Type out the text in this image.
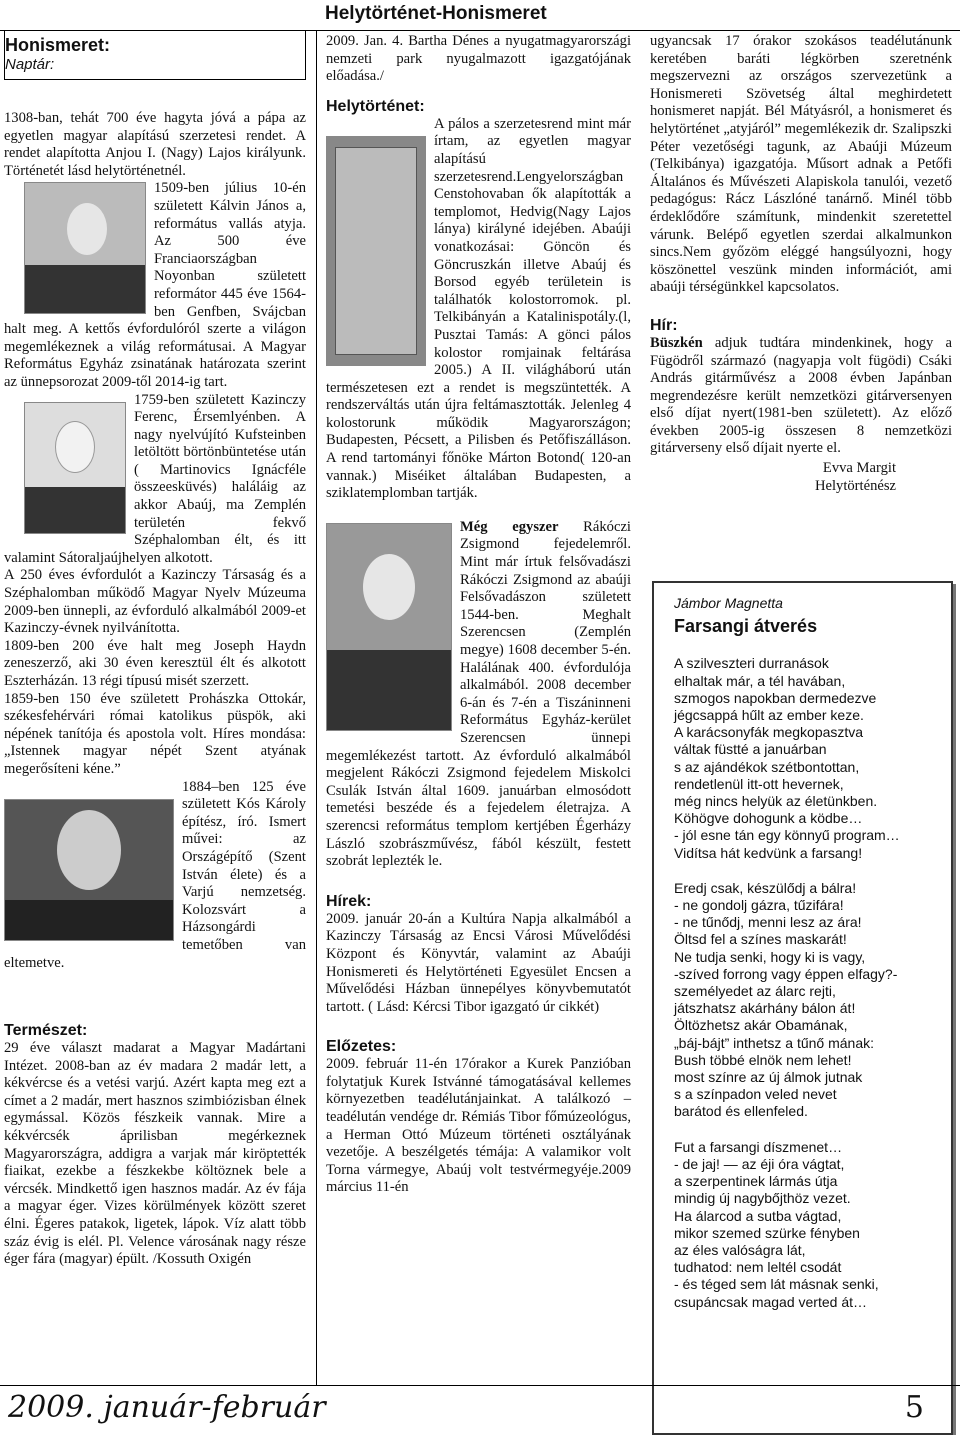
Helytörténet-Honismeret
Honismeret:
Naptár:

1308-ban, tehát 700 éve hagyta jóvá a pápa az egyetlen magyar alapítású szerzetesi rendet. A rendet alapította Anjou I. (Nagy) Lajos királyunk. Történetét lásd helytörténetnél.

1509-ben július 10-én született Kálvin János a, református vallás atyja. Az 500 éve Franciaországban Noyonban született reformátor 445 éve 1564-ben Genfben, Svájcban halt meg. A kettős évfordulóról szerte a világon megemlékeznek a világ reformátusai. A Magyar Református Egyház zsinatának határozata szerint az ünnepsorozat 2009-től 2014-ig tart.

1759-ben született Kazinczy Ferenc, Érsemlyénben. A nagy nyelvújító Kufsteinben letöltött börtönbüntetése után ( Martinovics Ignácféle összeesküvés) haláláig az akkor Abaúj, ma Zemplén területén fekvő Széphalomban élt, és itt valamint Sátoraljaújhelyen alkotott.

A 250 éves évfordulót a Kazinczy Társaság és a Széphalomban működő Magyar Nyelv Múzeuma 2009-ben ünnepli, az évforduló alkalmából 2009-et Kazinczy-évnek nyilvánította.

1809-ben 200 éve halt meg Joseph Haydn zeneszerző, aki 30 éven keresztül élt és alkotott Eszterházán. 13 régi típusú misét szerzett.

1859-ben 150 éve született Prohászka Ottokár, székesfehérvári római katolikus püspök, aki népének tanítója és apostola volt. Híres mondása: „Istennek magyar népét Szent atyának megerősíteni kéne.”

1884–ben 125 éve született Kós Károly építész, író. Ismert művei: az Országépítő (Szent István élete) és a Varjú nemzetség. Kolozsvárt a Házsongárdi temetőben van eltemetve.

Természet:

29 éve választ madarat a Magyar Madártani Intézet. 2008-ban az év madara 2 madár lett, a kékvércse és a vetési varjú. Azért kapta meg ezt a címet a 2 madár, mert hasznos szimbiózisban élnek egymással. Közös fészkeik vannak. Mire a kékvércsék áprilisban megérkeznek Magyarországra, addigra a varjak már kiröptették fiaikat, ezekbe a fészkekbe költöznek bele a vércsék. Mindkettő igen hasznos madár. Az év fája a magyar éger. Vizes körülmények között szeret élni. Égeres patakok, ligetek, lápok. Víz alatt több száz évig is elél. Pl. Velence városának nagy része éger fára (magyar) épült. /Kossuth Oxigén

2009. Jan. 4. Bartha Dénes a nyugatmagyarországi nemzeti park nyugalmazott igazgatójának előadása./

Helytörténet:

A pálos a szerzetesrend mint már írtam, az egyetlen magyar alapítású szerzetesrend.Lengyelországban Censtohovaban ők alapították a templomot, Hedvig(Nagy Lajos lánya) királyné idejében. Abaúji vonatkozásai: Göncön és Göncruszkán illetve Abaúj és Borsod egyéb területein is találhatók kolostorromok. pl. Telkibányán a Katalinispotály.(l, Pusztai Tamás: A gönci pálos kolostor romjainak feltárása 2005.) A II. világháború után természetesen ezt a rendet is megszüntették. A rendszerváltás után újra feltámasztották. Jelenleg 4 kolostorunk működik Magyarországon; Budapesten, Pécsett, a Pilisben és Petőfiszálláson. A rend tartományi főnöke Márton Botond( 120-an vannak.) Miséiket általában Budapesten, a sziklatemplomban tartják.

Még egyszer
Rákóczi Zsigmond fejedelemről. Mint már írtuk felsővadászi Rákóczi Zsigmond az abaúji Felsővadászon született 1544-ben. Meghalt Szerencsen (Zemplén megye) 1608 december 5-én. Halálának 400. évfordulója alkalmából. 2008 december 6-án és 7-én a Tiszáninneni Református Egyház-kerület Szerencsen ünnepi megemlékezést tartott. Az évforduló alkalmából megjelent Rákóczi Zsigmond fejedelem Miskolci Csulák István által 1609. januárban elmosódott temetési beszéde és a fejedelem életrajza. A szerencsi református templom kertjében Égerházy László szobrászművész, fából készült, festett szobrát leplezték le.

Hírek:

2009. január 20-án a Kultúra Napja alkalmából a Kazinczy Társaság az Encsi Városi Művelődési Központ és Könyvtár, valamint az Abaúji Honismereti és Helytörténeti Egyesület Encsen a Művelődési Házban ünnepélyes könyvbemutatót tartott. ( Lásd: Kércsi Tibor igazgató úr cikkét)

Előzetes:

2009. február 11-én 17órakor a Kurek Panzióban folytatjuk Kurek Istvánné támogatásával kellemes környezetben teadélutánjainkat. A találkozó – teadélután vendége dr. Rémiás Tibor főmúzeológus, a Herman Ottó Múzeum történeti osztályának vezetője. A beszélgetés témája: A valamikor volt Torna vármegye, Abaúj volt testvérmegyéje.2009 március 11-én

ugyancsak 17 órakor szokásos teadélutánunk keretében baráti légkörben szeretnénk megszervezni az országos szervezetünk a Honismereti Szövetség által meghirdetett honismeret napját. Bél Mátyásról, a honismeret és helytörténet „atyjáról” megemlékezik dr. Szalipszki Péter vezetőségi tagunk, az Abaúji Múzeum (Telkibánya) igazgatója. Műsort adnak a Petőfi Általános és Művészeti Alapiskola tanulói, vezető pedagógus: Rácz Lászlóné tanárnő. Minél több érdeklődőre számítunk, mindenkit szeretettel várunk. Belépő egyetlen szerdai alkalmunkon sincs.Nem győzöm eléggé hangsúlyozni, hogy köszönettel veszünk minden információt, ami abaúji térségünkkel kapcsolatos.

Hír:

Büszkén adjuk tudtára mindenkinek, hogy a Fügödről származó (nagyapja volt fügödi) Csáki András gitárművész a 2008 évben Japánban megrendezésre került nemzetközi gitárversenyen első díjat nyert(1981-ben született). Az előző években 2005-ig összesen 8 nemzetközi gitárverseny első díjait nyerte el.

Evva Margit
Helytörténész
Jámbor Magnetta
Farsangi átverés
A szilveszteri durranások
elhaltak már, a tél havában,
szmogos napokban dermedezve
jégcsappá hűlt az ember keze.
A karácsonyfák megkopasztva
váltak füstté a januárban
s az ajándékok szétbontottan,
rendetlenül itt-ott hevernek,
még nincs helyük az életünkben.
Köhögve dohogunk a ködbe…
- jól esne tán egy könnyű program…
Vidítsa hát kedvünk a farsang!
Eredj csak, készülődj a bálra!
- ne gondolj gázra, tűzifára!
- ne tűnődj, menni lesz az ára!
Öltsd fel a színes maskarát!
Ne tudja senki, hogy ki is vagy,
-szíved forrong vagy éppen elfagy?-
személyedet az álarc rejti,
játszhatsz akárhány bálon át!
Öltözhetsz akár Obamának,
„báj-bájt” inthetsz a tűnő mának:
Bush többé elnök nem lehet!
most színre az új álmok jutnak
s a színpadon veled nevet
barátod és ellenfeled.
Fut a farsangi díszmenet…
- de jaj! — az éji óra vágtat,
a szerpentinek lármás útja
mindig új nagybőjthöz vezet.
Ha álarcod a sutba vágtad,
mikor szemed szürke fényben
az éles valóságra lát,
tudhatod: nem leltél csodát
- és téged sem lát másnak senki,
csupáncsak magad verted át…
2009. január-február	5
